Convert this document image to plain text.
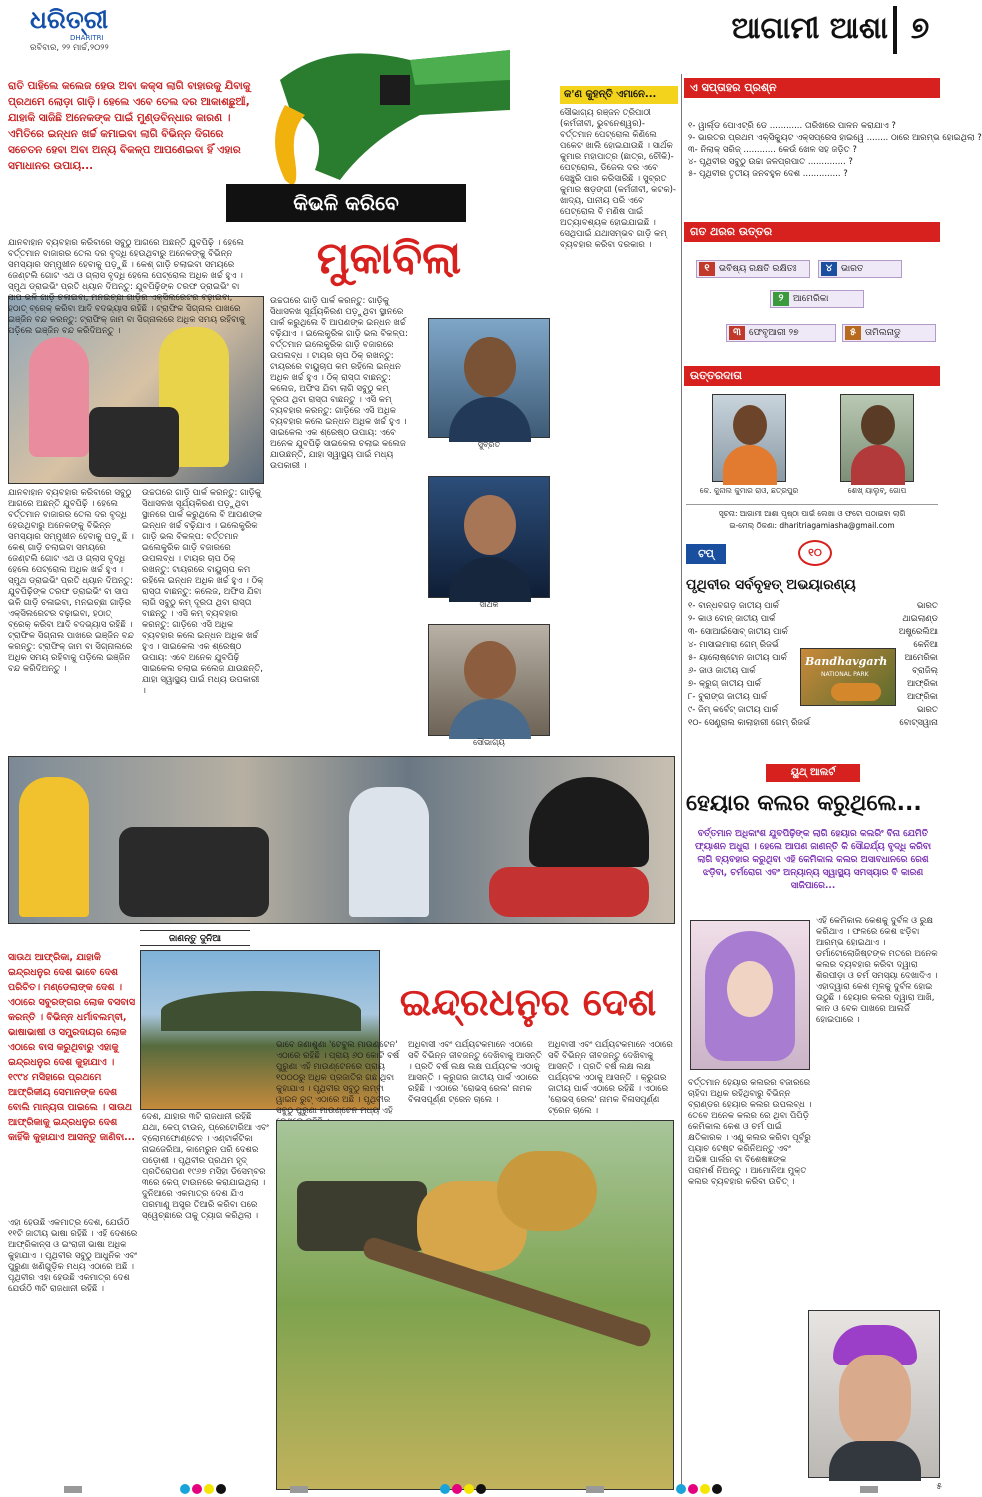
ଧରିତ୍ରୀ
DHARITRI
ରବିବାର, ୨୨ ମାର୍ଚ୍ଚ,୨୦୨୨
ଆଗାମୀ ଆଶା ୭
ରାତି ପାହିଲେ କଲେଜ ହେଉ ଅବା କକ୍ସ ଲାଗି ବାହାରକୁ ଯିବାକୁ ପ୍ରଥମେ ଲୋଡ଼ା ଗାଡ଼ି। ହେଲେ ଏବେ ତେଲ ଦର ଆକାଶଛୁଆଁ, ଯାହାକି ସାଜିଛି ଅନେକଙ୍କ ପାଇଁ ମୁଣ୍ଡବିନ୍ଧାର କାରଣ । ଏମିତିରେ ଇନ୍ଧନ ଖର୍ଚ୍ଚ କମାଇବା ଲାଗି ବିଭିନ୍ନ ଦିଗରେ ସଚେତନ ହେବା ଅବା ଅନ୍ୟ ବିକଳ୍ପ ଆପଣେଇବା ହିଁ ଏହାର ସମାଧାନର ଉପାୟ...
କିଭଳି କରିବେ
ମୁକାବିଲା
ଯାନବାହାନ ବ୍ୟବହାର କରିବାରେ ସବୁଠୁ ଆଗରେ ଅଛନ୍ତି ଯୁବପିଢ଼ି । ହେଲେ ବର୍ତ୍ତମାନ ବାଜାରର ତେଲ ଦର ବୃଦ୍ଧି ହେଉଥିବାରୁ ଅନେକଙ୍କୁ ବିଭିନ୍ନ ସମସ୍ୟାର ସମ୍ମୁଖୀନ ହେବାକୁ ପଡ଼ୁଛି । କେଶ୍ ଗାଡ଼ି ଚଲାଇବା ସମୟରେ ଜେଣ୍ଟଲି ଗୋଟ ଏଥ ଓ ଗ୍ଲାସ ବୃଦ୍ଧି ହେଲେ ପେଟ୍ରୋଲ ଅଧିକ ଖର୍ଚ୍ଚ ହୁଏ । ସ୍ମୁଥ ଡ୍ରାଇଭିଂ ପ୍ରତି ଧ୍ୟାନ ଦିଅନ୍ତୁ: ଯୁବପିଢ଼ିଙ୍କ ତରଫ ଡ୍ରାଇଭିଂ ବା ସାପ ଭଳି ଗାଡ଼ି ଚଳାଇବା, ମନଇଚ୍ଛା ଗାଡ଼ିର ଏକ୍ସିଲରେଟର ବଢ଼ାଇବା, ହଠାତ୍ ବ୍ରେକ୍ କରିବା ଆଦି ବଦଭ୍ୟାସ ରହିଛି । ଟ୍ରାଫିକ ସିଗ୍ନାଲ ପାଖରେ ଇଞ୍ଜିନ ବନ୍ଦ କରନ୍ତୁ: ଟ୍ରାଫିକ୍ ଜାମ ବା ସିଗ୍ନାଲରେ ଅଧିକ ସମୟ ରହିବାକୁ ପଡ଼ିଲେ ଇଞ୍ଜିନ ବନ୍ଦ କରିଦିଅନ୍ତୁ ।
ଯାନବାହାନ ବ୍ୟବହାର କରିବାରେ ସବୁଠୁ ଆଗରେ ଅଛନ୍ତି ଯୁବପିଢ଼ି । ହେଲେ ବର୍ତ୍ତମାନ ବାଜାରର ତେଲ ଦର ବୃଦ୍ଧି ହେଉଥିବାରୁ ଅନେକଙ୍କୁ ବିଭିନ୍ନ ସମସ୍ୟାର ସମ୍ମୁଖୀନ ହେବାକୁ ପଡ଼ୁଛି । କେଶ୍ ଗାଡ଼ି ଚଲାଇବା ସମୟରେ ଜେଣ୍ଟଲି ଗୋଟ ଏଥ ଓ ଗ୍ଲାସ ବୃଦ୍ଧି ହେଲେ ପେଟ୍ରୋଲ ଅଧିକ ଖର୍ଚ୍ଚ ହୁଏ । ସ୍ମୁଥ ଡ୍ରାଇଭିଂ ପ୍ରତି ଧ୍ୟାନ ଦିଅନ୍ତୁ: ଯୁବପିଢ଼ିଙ୍କ ତରଫ ଡ୍ରାଇଭିଂ ବା ସାପ ଭଳି ଗାଡ଼ି ଚଳାଇବା, ମନଇଚ୍ଛା ଗାଡ଼ିର ଏକ୍ସିଲରେଟର ବଢ଼ାଇବା, ହଠାତ୍ ବ୍ରେକ୍ କରିବା ଆଦି ବଦଭ୍ୟାସ ରହିଛି । ଟ୍ରାଫିକ ସିଗ୍ନାଲ ପାଖରେ ଇଞ୍ଜିନ ବନ୍ଦ କରନ୍ତୁ: ଟ୍ରାଫିକ୍ ଜାମ ବା ସିଗ୍ନାଲରେ ଅଧିକ ସମୟ ରହିବାକୁ ପଡ଼ିଲେ ଇଞ୍ଜିନ ବନ୍ଦ କରିଦିଅନ୍ତୁ ।
ଉଚ୍ଚତାରେ ଗାଡ଼ି ପାର୍କ କରନ୍ତୁ: ଗାଡ଼ିକୁ ସିଧାସଳଖ ସୂର୍ଯ୍ୟକିରଣ ପଡ଼ୁଥିବା ସ୍ଥାନରେ ପାର୍କ କରୁଥିଲେ ବି ଆପଣଙ୍କ ଇନ୍ଧନ ଖର୍ଚ୍ଚ ବଢ଼ିଯାଏ । ଇଲେକ୍ଟ୍ରିକ ଗାଡ଼ି ଭଲ ବିକଳ୍ପ: ବର୍ତ୍ତମାନ ଇଲେକ୍ଟ୍ରିକ ଗାଡ଼ି ବଜାରରେ ଉପଲବ୍ଧ । ଟାୟର ଚାପ ଠିକ୍ ରଖନ୍ତୁ: ଟାୟରରେ ବାୟୁଚାପ କମ ରହିଲେ ଇନ୍ଧନ ଅଧିକ ଖର୍ଚ୍ଚ ହୁଏ । ଠିକ୍ ରାସ୍ତା ବାଛନ୍ତୁ: କଲେଜ, ଅଫିସ ଯିବା ଲାଗି ସବୁଠୁ କମ୍ ଦୂରତା ଥିବା ରାସ୍ତା ବାଛନ୍ତୁ । ଏସି କମ୍ ବ୍ୟବହାର କରନ୍ତୁ: ଗାଡ଼ିରେ ଏସି ଅଧିକ ବ୍ୟବହାର କଲେ ଇନ୍ଧନ ଅଧିକ ଖର୍ଚ୍ଚ ହୁଏ । ସାଇକେଲ ଏକ ଶ୍ରେଷ୍ଠ ଉପାୟ: ଏବେ ଅନେକ ଯୁବପିଢ଼ି ସାଇକେଲ ଚଲାଇ କଲେଜ ଯାଉଛନ୍ତି, ଯାହା ସ୍ୱାସ୍ଥ୍ୟ ପାଇଁ ମଧ୍ୟ ଉପକାରୀ ।
ଉଚ୍ଚତାରେ ଗାଡ଼ି ପାର୍କ କରନ୍ତୁ: ଗାଡ଼ିକୁ ସିଧାସଳଖ ସୂର୍ଯ୍ୟକିରଣ ପଡ଼ୁଥିବା ସ୍ଥାନରେ ପାର୍କ କରୁଥିଲେ ବି ଆପଣଙ୍କ ଇନ୍ଧନ ଖର୍ଚ୍ଚ ବଢ଼ିଯାଏ । ଇଲେକ୍ଟ୍ରିକ ଗାଡ଼ି ଭଲ ବିକଳ୍ପ: ବର୍ତ୍ତମାନ ଇଲେକ୍ଟ୍ରିକ ଗାଡ଼ି ବଜାରରେ ଉପଲବ୍ଧ । ଟାୟର ଚାପ ଠିକ୍ ରଖନ୍ତୁ: ଟାୟରରେ ବାୟୁଚାପ କମ ରହିଲେ ଇନ୍ଧନ ଅଧିକ ଖର୍ଚ୍ଚ ହୁଏ । ଠିକ୍ ରାସ୍ତା ବାଛନ୍ତୁ: କଲେଜ, ଅଫିସ ଯିବା ଲାଗି ସବୁଠୁ କମ୍ ଦୂରତା ଥିବା ରାସ୍ତା ବାଛନ୍ତୁ । ଏସି କମ୍ ବ୍ୟବହାର କରନ୍ତୁ: ଗାଡ଼ିରେ ଏସି ଅଧିକ ବ୍ୟବହାର କଲେ ଇନ୍ଧନ ଅଧିକ ଖର୍ଚ୍ଚ ହୁଏ । ସାଇକେଲ ଏକ ଶ୍ରେଷ୍ଠ ଉପାୟ: ଏବେ ଅନେକ ଯୁବପିଢ଼ି ସାଇକେଲ ଚଲାଇ କଲେଜ ଯାଉଛନ୍ତି, ଯାହା ସ୍ୱାସ୍ଥ୍ୟ ପାଇଁ ମଧ୍ୟ ଉପକାରୀ ।
କ'ଣ କୁହନ୍ତି ଏମାନେ...
ସୌଭାଗ୍ୟ ରଞ୍ଜନ ତ୍ରିପାଠୀ (କର୍ମଜୀବୀ, ଭୁବନେଶ୍ୱର)- ବର୍ତ୍ତମାନ ପେଟ୍ରୋଲ କିଣିଲେ ପକେଟ ଖାଲି ହୋଇଯାଉଛି । ସାର୍ଥକ କୁମାର ମହାପାତ୍ର (ଛାତ୍ର, ଚୌକି)- ପେଟ୍ରୋଲ, ଡିଜେଲ ଦର ଏବେ ସେଞ୍ଚୁରି ପାର କରିସାରିଛି । ସୁବ୍ରତ କୁମାର ଷଡ଼ଙ୍ଗୀ (କର୍ମଜୀବୀ, କଟକ)- ଖାଦ୍ୟ, ପାନୀୟ ପରି ଏବେ ପେଟ୍ରୋଲ ବି ମଣିଷ ପାଇଁ ଅତ୍ୟାବଶ୍ୟକ ହୋଇଯାଇଛି । ସେଥିପାଇଁ ଯଥାସମ୍ଭବ ଗାଡ଼ି କମ୍ ବ୍ୟବହାର କରିବା ଦରକାର ।
ସୁବ୍ରତ
ସାର୍ଥକ
ସୌଭାଗ୍ୟ
ଏ ସପ୍ତାହର ପ୍ରଶ୍ନ
୧- ୱାର୍ଲ୍ଡ ପୋଏଟ୍ରି ଡେ ............ ତାରିଖରେ ପାଳନ କରାଯାଏ ?
୨- ଭାରତର ପ୍ରଥମ ଏକ୍ସିକ୍ୟୁଟ ଏକ୍ସପ୍ରେସ ହାଇୱେ ........ ଠାରେ ଆରମ୍ଭ ହୋଇଥିଲା ?
୩- ନିଲାକ୍ ସରିଜ୍ ............ କେଉଁ ଖେଳ ସହ ଜଡ଼ିତ ?
୪- ପୃଥିବୀର ସବୁଠୁ ଉଚ୍ଚା ଜଳପ୍ରପାତ .............. ?
୫- ପୃଥିବୀର ତୃତୀୟ ଜନବହୁଳ ଦେଶ .............. ?
ଗତ ଥରର ଉତ୍ତର
୧ ଭବିଷ୍ୟ ରକ୍ଷତି ରକ୍ଷିତଃ	୪ ଭାରତ
୨ ଆମେରିକା
୩ ଫେବୃଆରୀ ୨୭	୫ ତାମିଲନାଡୁ
ଉତ୍ତରଦାତା
କେ. କୁନାଲ କୁମାର ରାଓ, ଛତ୍ରପୁର	ଶେଖ୍ ୟାଲୁବ୍, ଗୋପ
ସୂଚନା: ଆଗାମୀ ଆଶା ପୃଷ୍ଠା ପାଇଁ ଲେଖା ଓ ଫଟୋ ପଠାଇବା ଲାଗି
ଇ-ମେଲ୍ ଠିକଣା: dharitriagamiasha@gmail.com
ଟପ୍	୧୦
ପୃଥିବୀର ସର୍ବବୃହତ୍ ଅଭୟାରଣ୍ୟ
୧- ବାନ୍ଧବଗଡ଼ ଜାତୀୟ ପାର୍କ	ଭାରତ
୨- କାଓ ବୋନ୍ ଜାତୀୟ ପାର୍କ	ଥାଇଲାଣ୍ଡ
୩- ସୋଆଇଁସୋବ୍ ଜାତୀୟ ପାର୍କ	ଅଷ୍ଟ୍ରେଲିଆ
୪- ମାସାଇମାରା ଗେମ୍ ରିଜର୍ଭ	କେନିଆ
୫- ୟାଲୋଷ୍ଟୋନ ଜାତୀୟ ପାର୍କ	ଆମେରିକା
୬- ଜାଓ ଜାତୀୟ ପାର୍କ	ବ୍ରାଜିଲ୍
୭- କ୍ରୁଗ୍ ଜାତୀୟ ପାର୍କ	ଆଫ୍ରିକା
୮- ବୁରାଙ୍ଗ ଜାତୀୟ ପାର୍କ	ଆଫ୍ରିକା
୯- ଜିମ୍ କର୍ବେଟ୍ ଜାତୀୟ ପାର୍କ	ଭାରତ
୧୦- ସେଣ୍ଟ୍ରାଲ କାଲାହାରୀ ଗେମ୍ ରିଜର୍ଭ	ବୋଟ୍ସୱାନା
Bandhavgarh
NATIONAL PARK
ୟୁଥ୍ ଆଲର୍ଟ
ହେୟାର କଲର କରୁଥିଲେ...
ବର୍ତ୍ତମାନ ଅଧିକାଂଶ ଯୁବପିଢ଼ିଙ୍କ ଲାଗି ହେୟାର କଲରିଂ ବିନା ଯେମିତି ଫ୍ୟାଶନ ଅଧୁରା । ହେଲେ ଆପଣ ଜାଣନ୍ତି କି ସୌନ୍ଦର୍ଯ୍ୟ ବୃଦ୍ଧି କରିବା ଲାଗି ବ୍ୟବହାର କରୁଥିବା ଏହି କେମିକାଲ କଲର ଅସାବଧାନରେ ରେଶ ଝଡ଼ିବା, ଚର୍ମରୋଗ ଏବଂ ଅନ୍ୟାନ୍ୟ ସ୍ୱାସ୍ଥ୍ୟ ସମସ୍ୟାର ବି କାରଣ ସାଜିପାରେ...
ଏହି କେମିକାଲ କେଶକୁ ଦୁର୍ବଳ ଓ ରୁକ୍ଷ କରିଥାଏ । ଫଳରେ କେଶ ଝଡ଼ିବା ଆରମ୍ଭ ହୋଇଥାଏ । ଡର୍ମାଟୋଲୋଜିଷ୍ଟଙ୍କ ମତରେ ଅନେକ କଲର ବ୍ୟବହାର କରିବା ଦ୍ୱାରା ଶିରପୀଡ଼ା ଓ ଚର୍ମ ସମସ୍ୟା ଦେଖାଦିଏ । ଏହାଦ୍ୱାରା କେଶ ମୂଳକୁ ଦୁର୍ବଳ ହୋଇ ଉଠୁଛି । ହେୟାର କଲର ଦ୍ୱାରା ଆଖି, କାନ ଓ ବେକ ପାଖରେ ଆଲର୍ଜି ହୋଇପାରେ ।
ବର୍ତ୍ତମାନ ହେୟାର କଲରର ବଜାରରେ ଚାହିଦା ଅଧିକ ରହିଥିବାରୁ ବିଭିନ୍ନ ବ୍ରାଣ୍ଡର ହେୟାର କଲର ଉପଲବ୍ଧ । ତେବେ ଅନେକ କଲର ରେ ଥିବା ପିପିଡ଼ି କେମିକାଲ କେଶ ଓ ଚର୍ମ ପାଇଁ କ୍ଷତିକାରକ । ଏଣୁ କଲର କରିବା ପୂର୍ବରୁ ପ୍ୟାଚ ଟେଷ୍ଟ କରିନିଅନ୍ତୁ ଏବଂ ଅଭିଜ୍ଞ ପାର୍ଲର ବା ବିଶେଷଜ୍ଞଙ୍କ ପରାମର୍ଶ ନିଅନ୍ତୁ । ଆମୋନିଆ ମୁକ୍ତ କଲର ବ୍ୟବହାର କରିବା ଉଚିତ୍ ।
ଜାଣନ୍ତୁ ଦୁନିଆ
ସାଉଥ ଆଫ୍ରିକା, ଯାହାକି ଇନ୍ଦ୍ରଧନୁର ଦେଶ ଭାବେ ଦେଶ ପରିଚିତ। ମଣ୍ଡେଲାଙ୍କ ଦେଶ । ଏଠାରେ ସବୁରଙ୍ଗର ଲୋକ ବସବାସ କରନ୍ତି । ବିଭିନ୍ନ ଧର୍ମାବଲମ୍ବୀ, ଭାଷାଭାଷୀ ଓ ସମ୍ପ୍ରଦାୟର ଲୋକ ଏଠାରେ ବାସ କରୁଥିବାରୁ ଏହାକୁ ଇନ୍ଦ୍ରଧନୁର ଦେଶ କୁହାଯାଏ । ୧୯୯୪ ମସିହାରେ ପ୍ରଥମେ ଆଫ୍ରିକୀୟ ସେମାନଙ୍କ ଦେଶ ବୋଲି ମାନ୍ୟତା ପାଇଲେ । ସାଉଥ ଆଫ୍ରିକାକୁ ଇନ୍ଦ୍ରଧନୁର ଦେଶ କାହିଁକି କୁହାଯାଏ ଆସନ୍ତୁ ଜାଣିବା...
ଇନ୍ଦ୍ରଧନୁର ଦେଶ
ଏହା ହେଉଛି ଏକମାତ୍ର ଦେଶ, ଯେଉଁଠି ୧୧ଟି ଜାତୀୟ ଭାଷା ରହିଛି । ଏହି ଦେଶରେ ଆଫ୍ରିକାନ୍ସ ଓ ଇଂରାଜୀ ଭାଷା ଅଧିକ କୁହାଯାଏ । ପୃଥିବୀର ସବୁଠୁ ଆଧୁନିକ ଏବଂ ପୁରୁଣା ଖଣିଗୁଡ଼ିକ ମଧ୍ୟ ଏଠାରେ ଅଛି । ପୃଥିବୀର ଏହା ହେଉଛି ଏକମାତ୍ର ଦେଶ ଯେଉଁଠି ୩ଟି ରାଜଧାନୀ ରହିଛି ।
ଦେଶ, ଯାହାର ୩ଟି ରାଜଧାନୀ ରହିଛି ଯଥା, କେପ୍ ଟାଉନ୍, ପ୍ରେଟୋରିଆ ଏବଂ ବ୍ଲୋମଫୋଣ୍ଟେନ । ଏଣ୍ଟାର୍କଟିକା ନାଇଜେରିଆ, କାମେରୁନ ପରି ଦେଶର ପଡ଼ୋଶୀ । ପୃଥିବୀର ପ୍ରଥମ ହୃଦ୍ ପ୍ରତିରୋପଣ ୧୯୬୭ ମସିହା ଡିସେମ୍ବର ୩ରେ କେପ୍ ଟାଉନରେ କରାଯାଇଥିଲା । ଦୁନିଆରେ ଏକମାତ୍ର ଦେଶ ଯିଏ ପରମାଣୁ ଅସ୍ତ୍ର ତିଆରି କରିବା ପରେ ସ୍ୱେଚ୍ଛାରେ ତାକୁ ତ୍ୟାଗ କରିଥିଲା ।
ଭାବେ ଜଣାଶୁଣା 'ଟେବୁଲ ମାଉଣ୍ଟେନ' ଏଠାରେ ରହିଛି । ପ୍ରାୟ ୬୦ କୋଟି ବର୍ଷ ପୁରୁଣା ଏହି ମାଉଣ୍ଟେନରେ ପ୍ରାୟ ୧୦୦୦ରୁ ଅଧିକ ପ୍ରଜାତିର ଗଛ ଥିବା କୁହାଯାଏ । ପୃଥିବୀର ସବୁଠୁ ଲମ୍ବା ୱାଇନ ରୁଟ୍ ଏଠାରେ ଅଛି । ପୃଥିବୀର ସବୁଠୁ ପୁରୁଣା ମାଉଣ୍ଟେନ ମଧ୍ୟ ଏହି
ଅଧିବାସୀ ଏବଂ ପର୍ଯ୍ୟଟକମାନେ ଏଠାରେ ସବି ବିଭିନ୍ନ ଜୀବଜନ୍ତୁ ଦେଖିବାକୁ ଆସନ୍ତି । ପ୍ରତି ବର୍ଷ ଲକ୍ଷ ଲକ୍ଷ ପର୍ଯ୍ୟଟକ ଏଠାକୁ ଆସନ୍ତି । କ୍ରୁଗର ଜାତୀୟ ପାର୍କ ଏଠାରେ ରହିଛି । ଏଠାରେ 'ରୋଭସ୍ ରେଲ' ନାମକ ବିଳାସପୂର୍ଣ୍ଣ ଟ୍ରେନ ଚାଲେ ।
ଅଧିବାସୀ ଏବଂ ପର୍ଯ୍ୟଟକମାନେ ଏଠାରେ ସବି ବିଭିନ୍ନ ଜୀବଜନ୍ତୁ ଦେଖିବାକୁ ଆସନ୍ତି । ପ୍ରତି ବର୍ଷ ଲକ୍ଷ ଲକ୍ଷ ପର୍ଯ୍ୟଟକ ଏଠାକୁ ଆସନ୍ତି । କ୍ରୁଗର ଜାତୀୟ ପାର୍କ ଏଠାରେ ରହିଛି । ଏଠାରେ 'ରୋଭସ୍ ରେଲ' ନାମକ ବିଳାସପୂର୍ଣ୍ଣ ଟ୍ରେନ ଚାଲେ ।
୫
